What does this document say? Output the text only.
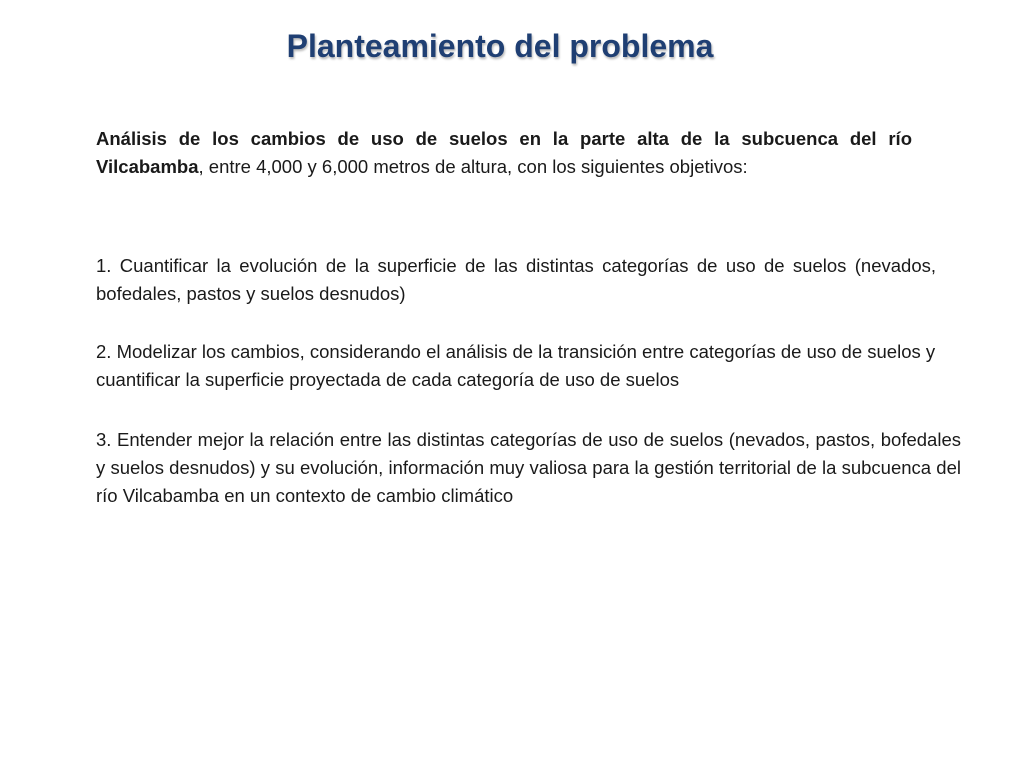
Planteamiento del problema
Análisis de los cambios de uso de suelos en la parte alta de la subcuenca del río Vilcabamba, entre 4,000 y 6,000 metros de altura, con los siguientes objetivos:
1. Cuantificar la evolución de la superficie de las distintas categorías de uso de suelos (nevados, bofedales, pastos y suelos desnudos)
2. Modelizar los cambios, considerando el análisis de la transición entre categorías de uso de suelos y cuantificar la superficie proyectada de cada categoría de uso de suelos
3. Entender mejor la relación entre las distintas categorías de uso de suelos (nevados, pastos, bofedales y suelos desnudos) y su evolución, información muy valiosa para la gestión territorial de la subcuenca del río Vilcabamba en un contexto de cambio climático
